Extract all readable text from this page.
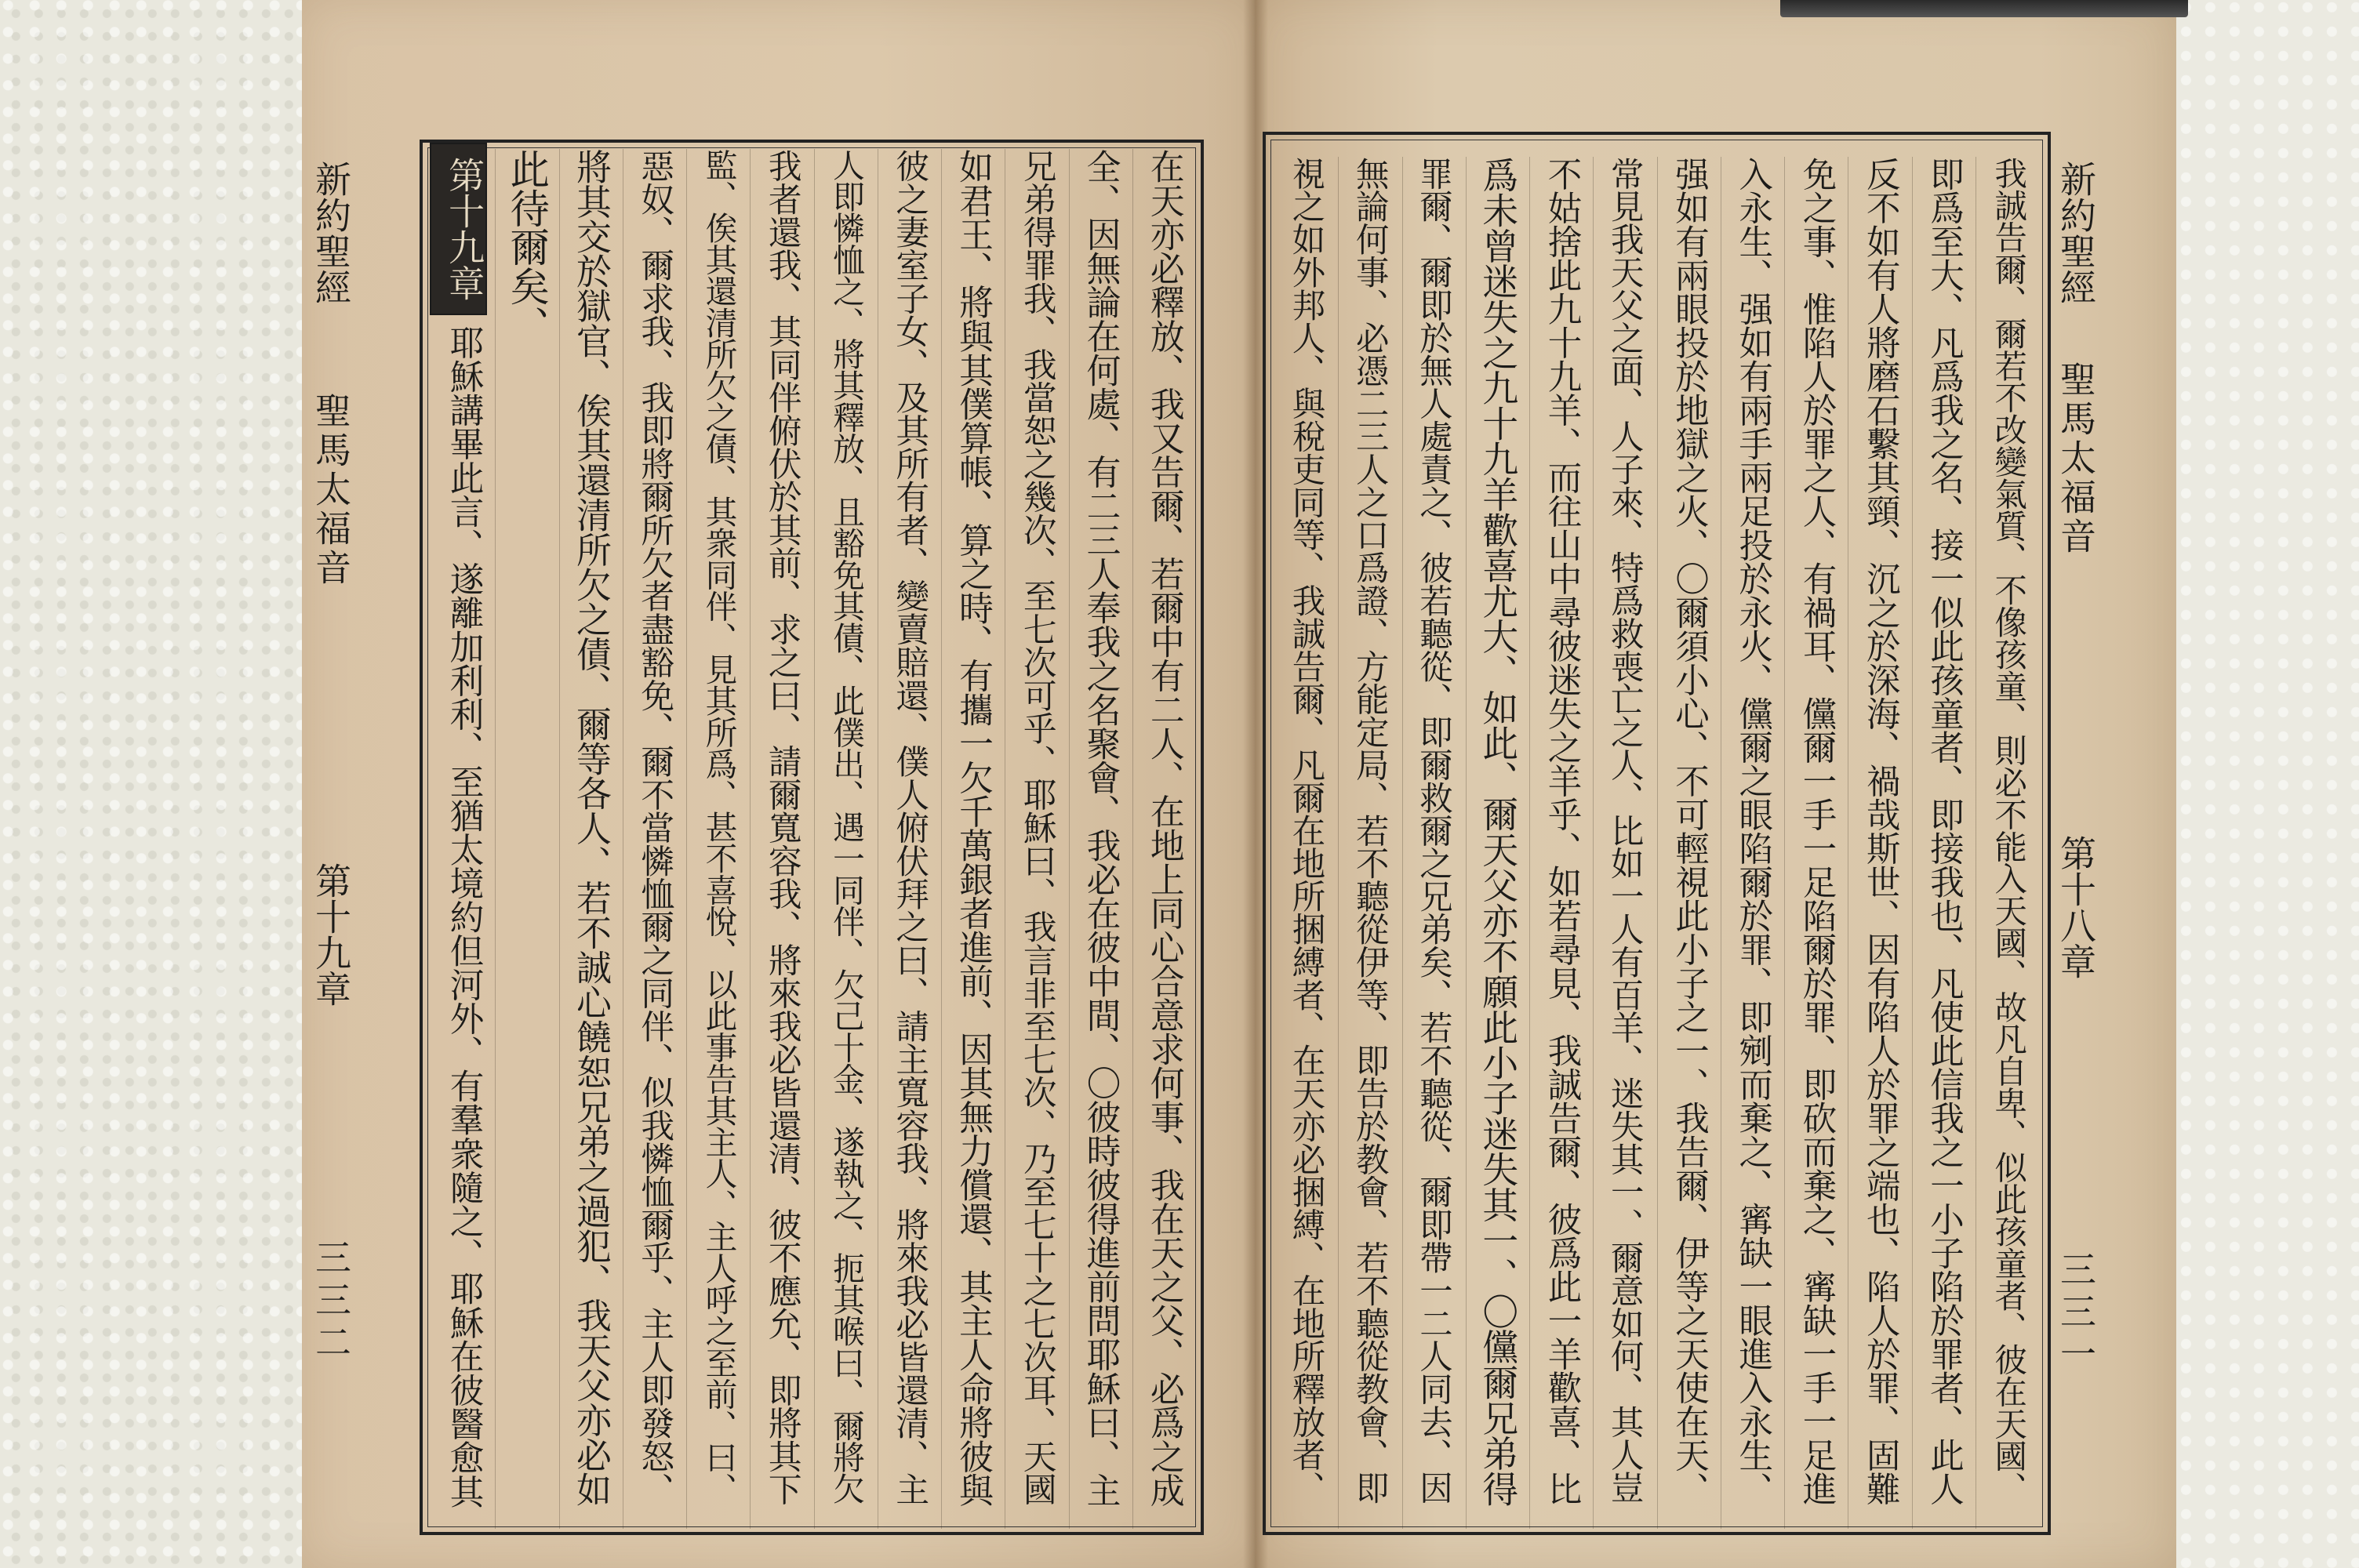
新約聖經
聖馬太福音
第十九章
三三二	在天亦必釋放、我又告爾、若爾中有二人、在地上同心合意求何事、我在天之父、必爲之成
全、因無論在何處、有二三人奉我之名聚會、我必在彼中間、〇彼時彼得進前問耶穌曰、主
兄弟得罪我、我當恕之幾次、至七次可乎、耶穌曰、我言非至七次、乃至七十之七次耳、天國
如君王、將與其僕算帳、算之時、有攜一欠千萬銀者進前、因其無力償還、其主人命將彼與
彼之妻室子女、及其所有者、變賣賠還、僕人俯伏拜之曰、請主寬容我、將來我必皆還清、主
人即憐恤之、將其釋放、且豁免其債、此僕出、遇一同伴、欠己十金、遂執之、扼其喉曰、爾將欠
我者還我、其同伴俯伏於其前、求之曰、請爾寬容我、將來我必皆還清、彼不應允、即將其下
監、俟其還清所欠之債、其衆同伴、見其所爲、甚不喜悅、以此事告其主人、主人呼之至前、曰、
惡奴、爾求我、我即將爾所欠者盡豁免、爾不當憐恤爾之同伴、似我憐恤爾乎、主人即發怒、
將其交於獄官、俟其還清所欠之債、爾等各人、若不誠心饒恕兄弟之過犯、我天父亦必如
此待爾矣、
耶穌講畢此言、遂離加利利、至猶太境約但河外、有羣衆隨之、耶穌在彼醫愈其
新約聖經
聖馬太福音
第十八章
三三一
我誠告爾、爾若不改變氣質、不像孩童、則必不能入天國、故凡自卑、似此孩童者、彼在天國、
即爲至大、凡爲我之名、接一似此孩童者、即接我也、凡使此信我之一小子陷於罪者、此人
反不如有人將磨石繫其頸、沉之於深海、禍哉斯世、因有陷人於罪之端也、陷人於罪、固難
免之事、惟陷人於罪之人、有禍耳、儻爾一手一足陷爾於罪、即砍而棄之、寗缺一手一足進
入永生、强如有兩手兩足投於永火、儻爾之眼陷爾於罪、即剜而棄之、寗缺一眼進入永生、
强如有兩眼投於地獄之火、〇爾須小心、不可輕視此小子之一、我告爾、伊等之天使在天、
常見我天父之面、人子來、特爲救喪亡之人、比如一人有百羊、迷失其一、爾意如何、其人豈
不姑捨此九十九羊、而往山中尋彼迷失之羊乎、如若尋見、我誠告爾、彼爲此一羊歡喜、比
爲未曾迷失之九十九羊歡喜尤大、如此、爾天父亦不願此小子迷失其一、〇儻爾兄弟得
罪爾、爾即於無人處責之、彼若聽從、即爾救爾之兄弟矣、若不聽從、爾即帶一二人同去、因
無論何事、必憑二三人之口爲證、方能定局、若不聽從伊等、即告於教會、若不聽從教會、即
視之如外邦人、與稅吏同等、我誠告爾、凡爾在地所捆縛者、在天亦必捆縛、在地所釋放者、
第十九章
